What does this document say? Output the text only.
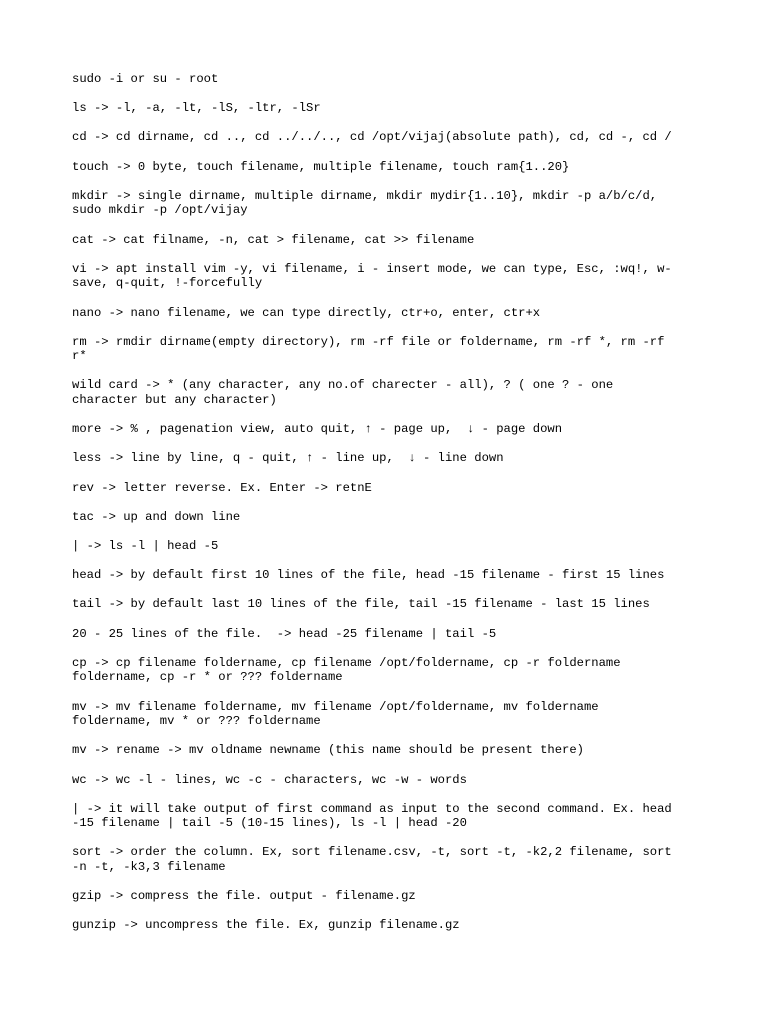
sudo -i or su - root
ls -> -l, -a, -lt, -lS, -ltr, -lSr
cd -> cd dirname, cd .., cd ../../.., cd /opt/vijaj(absolute path), cd, cd -, cd /
touch -> 0 byte, touch filename, multiple filename, touch ram{1..20}
mkdir -> single dirname, multiple dirname, mkdir mydir{1..10}, mkdir -p a/b/c/d,
sudo mkdir -p /opt/vijay
cat -> cat filname, -n, cat > filename, cat >> filename
vi -> apt install vim -y, vi filename, i - insert mode, we can type, Esc, :wq!, w-
save, q-quit, !-forcefully
nano -> nano filename, we can type directly, ctr+o, enter, ctr+x
rm -> rmdir dirname(empty directory), rm -rf file or foldername, rm -rf *, rm -rf
r*
wild card -> * (any character, any no.of charecter - all), ? ( one ? - one
character but any character)
more -> % , pagenation view, auto quit, ↑ - page up,  ↓ - page down
less -> line by line, q - quit, ↑ - line up,  ↓ - line down
rev -> letter reverse. Ex. Enter -> retnE
tac -> up and down line
| -> ls -l | head -5
head -> by default first 10 lines of the file, head -15 filename - first 15 lines
tail -> by default last 10 lines of the file, tail -15 filename - last 15 lines
20 - 25 lines of the file.  -> head -25 filename | tail -5
cp -> cp filename foldername, cp filename /opt/foldername, cp -r foldername
foldername, cp -r * or ??? foldername
mv -> mv filename foldername, mv filename /opt/foldername, mv foldername
foldername, mv * or ??? foldername
mv -> rename -> mv oldname newname (this name should be present there)
wc -> wc -l - lines, wc -c - characters, wc -w - words
| -> it will take output of first command as input to the second command. Ex. head
-15 filename | tail -5 (10-15 lines), ls -l | head -20
sort -> order the column. Ex, sort filename.csv, -t, sort -t, -k2,2 filename, sort
-n -t, -k3,3 filename
gzip -> compress the file. output - filename.gz
gunzip -> uncompress the file. Ex, gunzip filename.gz
